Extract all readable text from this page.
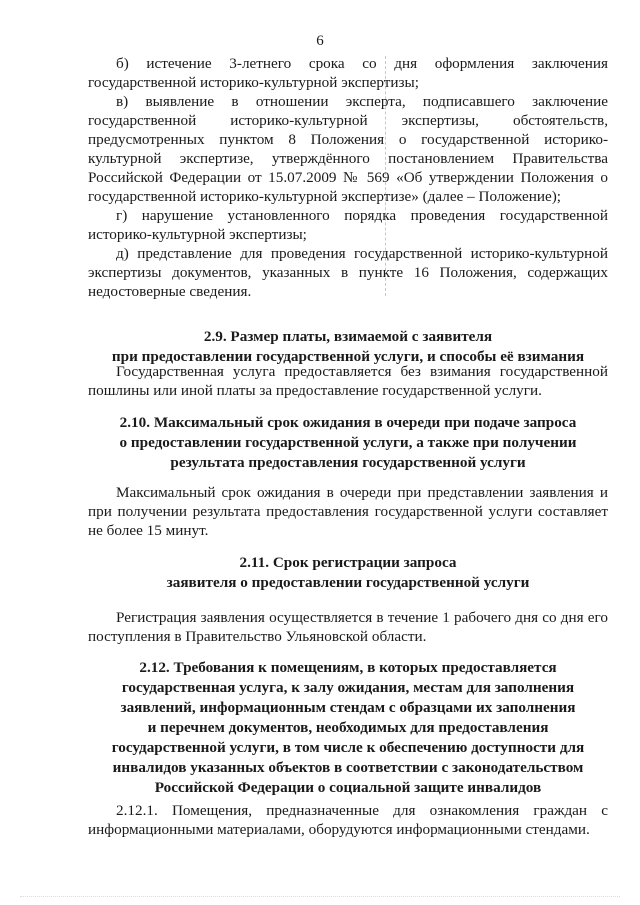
6

б) истечение 3-летнего срока со дня оформления заключения государственной историко-культурной экспертизы;

в) выявление в отношении эксперта, подписавшего заключение государственной историко-культурной экспертизы, обстоятельств, предусмотренных пунктом 8 Положения о государственной историко-культурной экспертизе, утверждённого постановлением Правительства Российской Федерации от 15.07.2009 № 569 «Об утверждении Положения о государственной историко-культурной экспертизе» (далее – Положение);

г) нарушение установленного порядка проведения государственной историко-культурной экспертизы;

д) представление для проведения государственной историко-культурной экспертизы документов, указанных в пункте 16 Положения, содержащих недостоверные сведения.

2.9. Размер платы, взимаемой с заявителя
при предоставлении государственной услуги, и способы её взимания

Государственная услуга предоставляется без взимания государственной пошлины или иной платы за предоставление государственной услуги.

2.10. Максимальный срок ожидания в очереди при подаче запроса
о предоставлении государственной услуги, а также при получении
результата предоставления государственной услуги

Максимальный срок ожидания в очереди при представлении заявления и при получении результата предоставления государственной услуги составляет не более 15 минут.

2.11. Срок регистрации запроса
заявителя о предоставлении государственной услуги

Регистрация заявления осуществляется в течение 1 рабочего дня со дня его поступления в Правительство Ульяновской области.

2.12. Требования к помещениям, в которых предоставляется
государственная услуга, к залу ожидания, местам для заполнения
заявлений, информационным стендам с образцами их заполнения
и перечнем документов, необходимых для предоставления
государственной услуги, в том числе к обеспечению доступности для
инвалидов указанных объектов в соответствии с законодательством
Российской Федерации о социальной защите инвалидов

2.12.1. Помещения, предназначенные для ознакомления граждан с информационными материалами, оборудуются информационными стендами.
